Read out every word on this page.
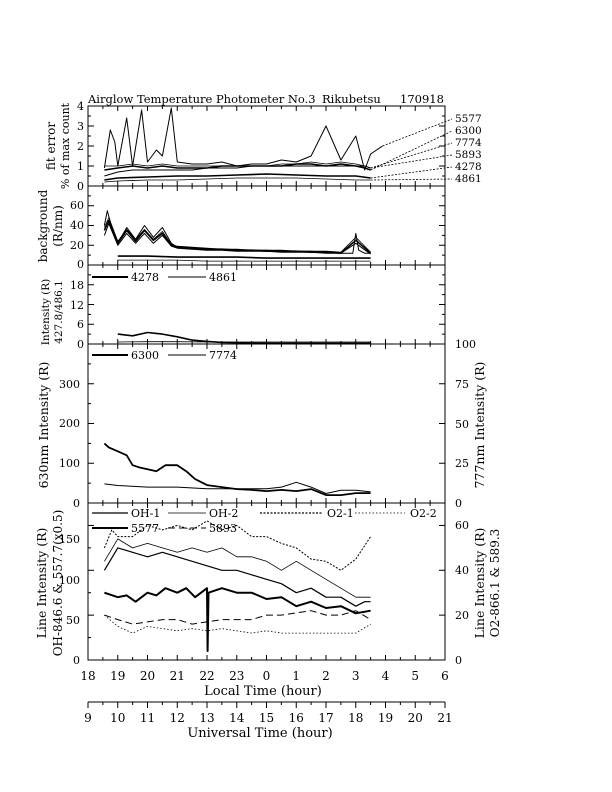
Airglow Temperature Photometer No.3 Rikubetsu 170918
0
1
2
3
4
fit error % of max count	5577
6300
7774
5893
4278
4861
0
20
40
60
background (R/nm)
0
6
12
18
Intensity (R) 427.8/486.1
4278	4861
0
100
200
300
0
25
50
75
100
630nm Intensity (R)	777nm Intensity (R)
6300	7774
0
50
100
150
0
20
40
60
Line Intensity (R) OH-846.6 & 557.7(x0.5)	Line Intensity (R) O2-866.1 & 589.3
OH-1	OH-2	O2-1	O2-2
5577	5893
18 19 20 21 22 23 0 1 2 3 4 5 6
Local Time (hour)
9 10 11 12 13 14 15 16 17 18 19 20 21
Universal Time (hour)
